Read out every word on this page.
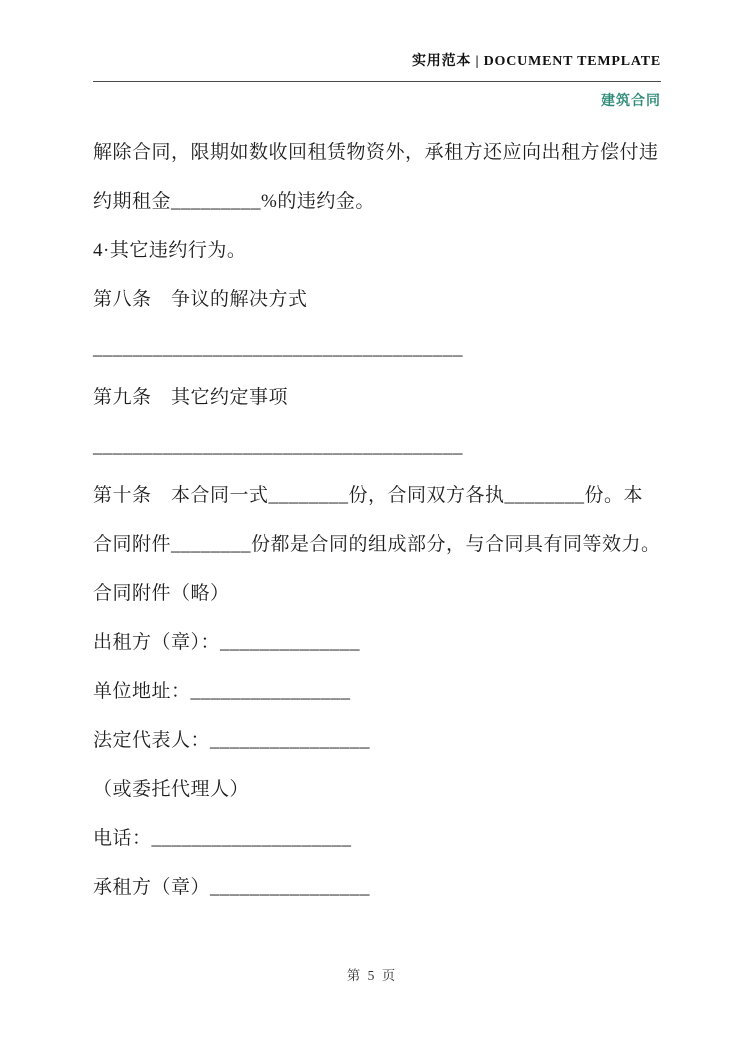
实用范本 | DOCUMENT TEMPLATE
建筑合同

解除合同，限期如数收回租赁物资外，承租方还应向出租方偿付违

约期租金_________%的违约金。

4·其它违约行为。

第八条　争议的解决方式

_____________________________________

第九条　其它约定事项

_____________________________________

第十条　本合同一式________份，合同双方各执________份。本

合同附件________份都是合同的组成部分，与合同具有同等效力。

合同附件（略）

出租方（章）：______________

单位地址：________________

法定代表人：________________

（或委托代理人）

电话：____________________

承租方（章）________________

第 5 页
